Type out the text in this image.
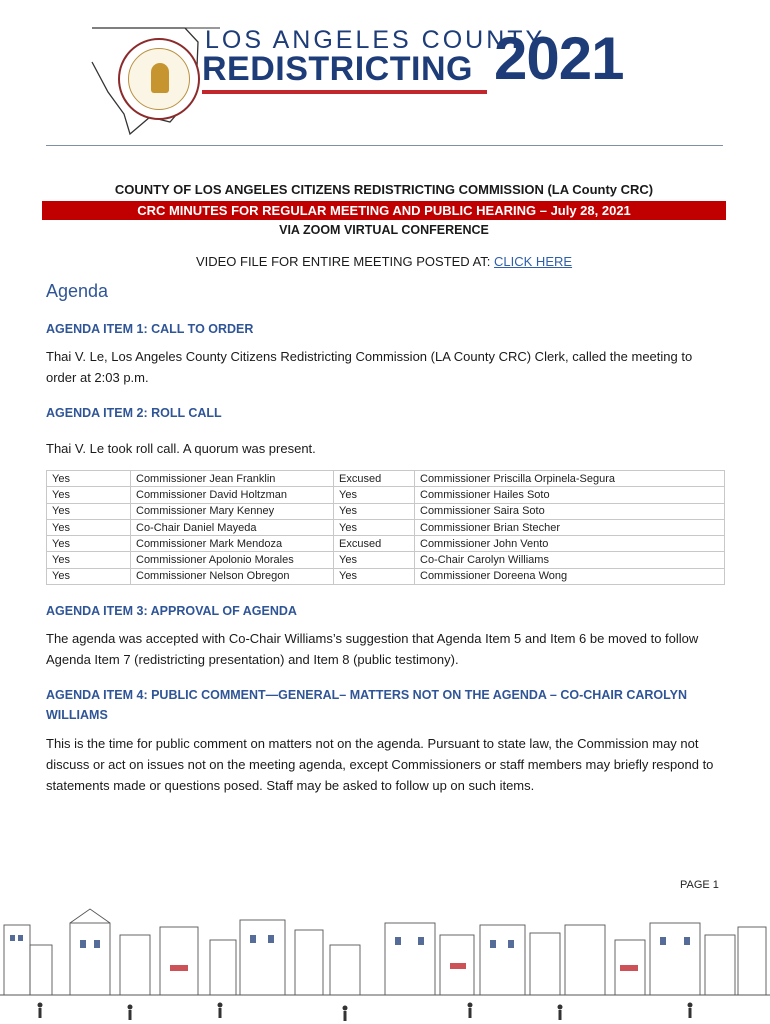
LOS ANGELES COUNTY
REDISTRICTING 2021
COUNTY OF LOS ANGELES CITIZENS REDISTRICTING COMMISSION (LA County CRC)
CRC MINUTES FOR REGULAR MEETING AND PUBLIC HEARING – July 28, 2021
VIA ZOOM VIRTUAL CONFERENCE
VIDEO FILE FOR ENTIRE MEETING POSTED AT: CLICK HERE
Agenda
AGENDA ITEM 1: CALL TO ORDER
Thai V. Le, Los Angeles County Citizens Redistricting Commission (LA County CRC) Clerk, called the meeting to order at 2:03 p.m.
AGENDA ITEM 2: ROLL CALL
Thai V. Le took roll call. A quorum was present.
Yes	Commissioner Jean Franklin	Excused	Commissioner Priscilla Orpinela-Segura
Yes	Commissioner David Holtzman	Yes	Commissioner Hailes Soto
Yes	Commissioner Mary Kenney	Yes	Commissioner Saira Soto
Yes	Co-Chair Daniel Mayeda	Yes	Commissioner Brian Stecher
Yes	Commissioner Mark Mendoza	Excused	Commissioner John Vento
Yes	Commissioner Apolonio Morales	Yes	Co-Chair Carolyn Williams
Yes	Commissioner Nelson Obregon	Yes	Commissioner Doreena Wong
AGENDA ITEM 3: APPROVAL OF AGENDA
The agenda was accepted with Co-Chair Williams’s suggestion that Agenda Item 5 and Item 6 be moved to follow Agenda Item 7 (redistricting presentation) and Item 8 (public testimony).
AGENDA ITEM 4: PUBLIC COMMENT—GENERAL– MATTERS NOT ON THE AGENDA – CO-CHAIR CAROLYN WILLIAMS
This is the time for public comment on matters not on the agenda. Pursuant to state law, the Commission may not discuss or act on issues not on the meeting agenda, except Commissioners or staff members may briefly respond to statements made or questions posed. Staff may be asked to follow up on such items.
PAGE 1
